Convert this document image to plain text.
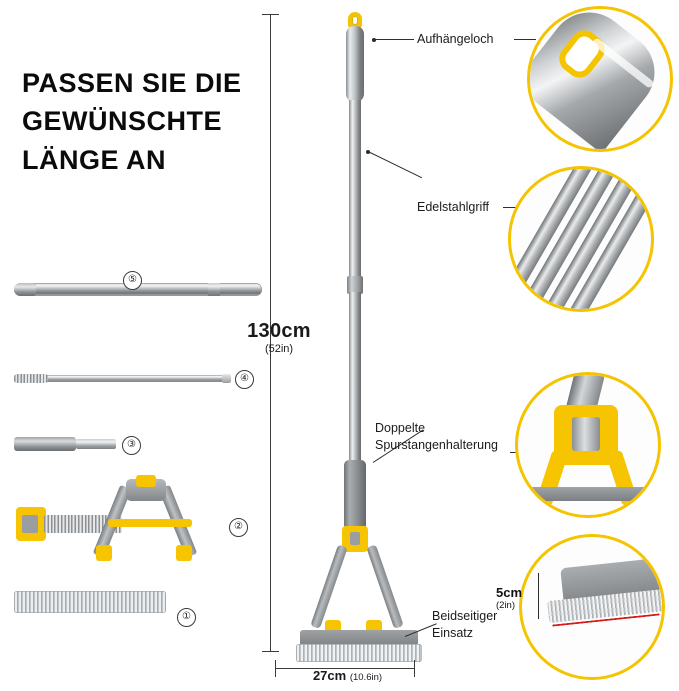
PASSEN SIE DIE GEWÜNSCHTE LÄNGE AN
⑤
④
③
②
①
130cm
(52in)
27cm (10.6in)
Aufhängeloch
Edelstahlgriff
Doppelte
Spurstangenhalterung
Beidseitiger
Einsatz
5cm
(2in)
